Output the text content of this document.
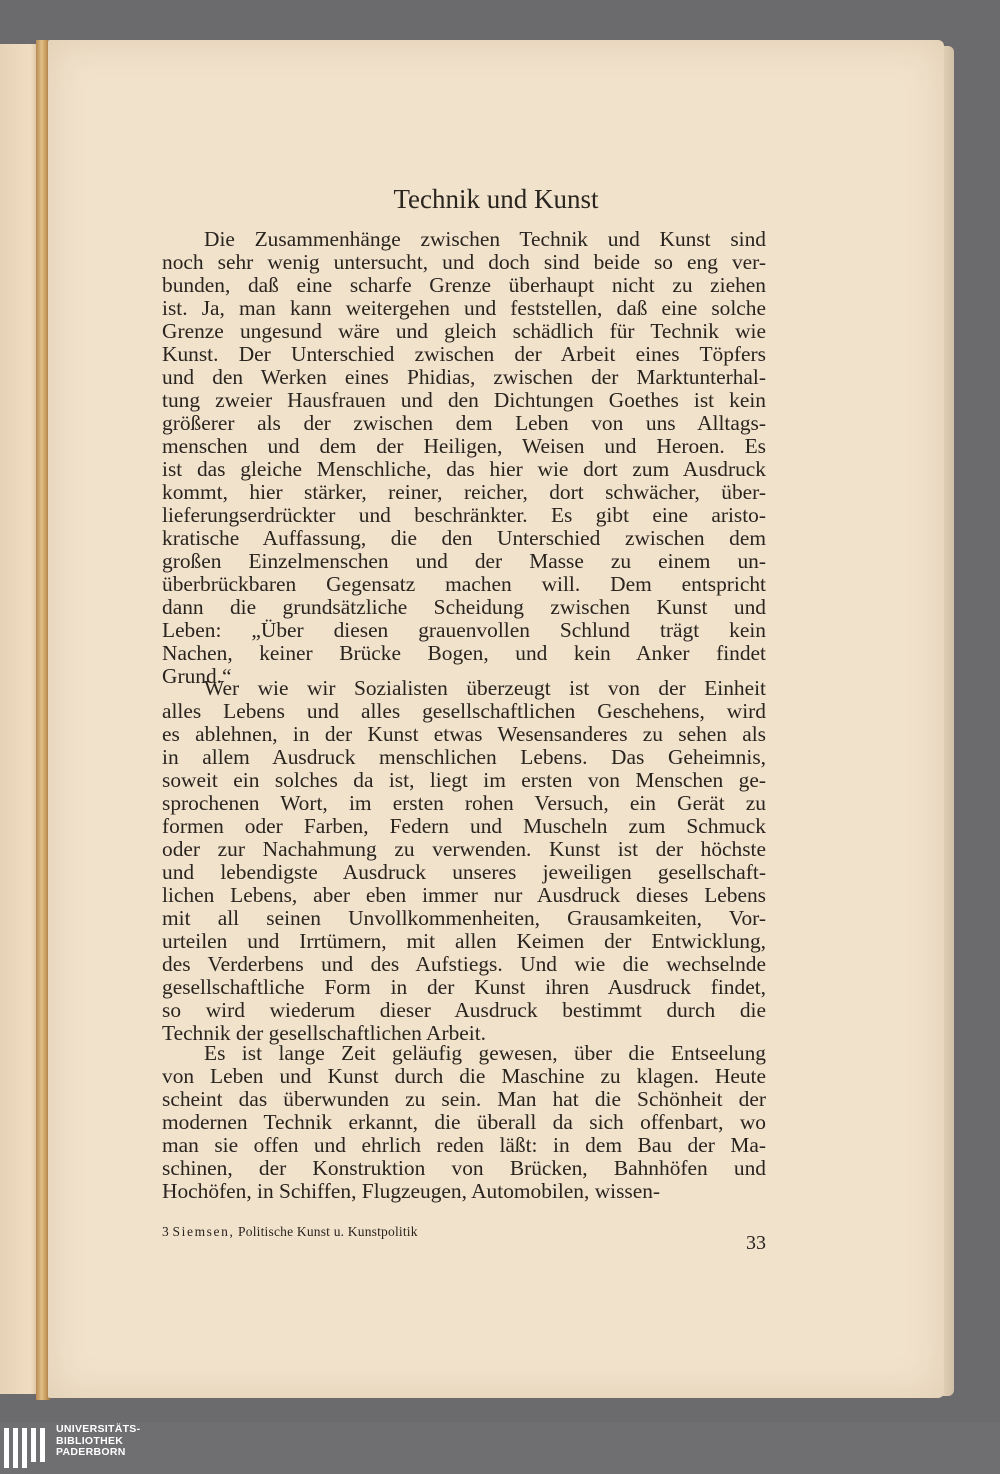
Technik und Kunst
Die Zusammenhänge zwischen Technik und Kunst sind
noch sehr wenig untersucht, und doch sind beide so eng ver-
bunden, daß eine scharfe Grenze überhaupt nicht zu ziehen
ist. Ja, man kann weitergehen und feststellen, daß eine solche
Grenze ungesund wäre und gleich schädlich für Technik wie
Kunst. Der Unterschied zwischen der Arbeit eines Töpfers
und den Werken eines Phidias, zwischen der Marktunterhal-
tung zweier Hausfrauen und den Dichtungen Goethes ist kein
größerer als der zwischen dem Leben von uns Alltags-
menschen und dem der Heiligen, Weisen und Heroen. Es
ist das gleiche Menschliche, das hier wie dort zum Ausdruck
kommt, hier stärker, reiner, reicher, dort schwächer, über-
lieferungserdrückter und beschränkter. Es gibt eine aristo-
kratische Auffassung, die den Unterschied zwischen dem
großen Einzelmenschen und der Masse zu einem un-
überbrückbaren Gegensatz machen will. Dem entspricht
dann die grundsätzliche Scheidung zwischen Kunst und
Leben: „Über diesen grauenvollen Schlund trägt kein
Nachen, keiner Brücke Bogen, und kein Anker findet
Grund.“
Wer wie wir Sozialisten überzeugt ist von der Einheit
alles Lebens und alles gesellschaftlichen Geschehens, wird
es ablehnen, in der Kunst etwas Wesensanderes zu sehen als
in allem Ausdruck menschlichen Lebens. Das Geheimnis,
soweit ein solches da ist, liegt im ersten von Menschen ge-
sprochenen Wort, im ersten rohen Versuch, ein Gerät zu
formen oder Farben, Federn und Muscheln zum Schmuck
oder zur Nachahmung zu verwenden. Kunst ist der höchste
und lebendigste Ausdruck unseres jeweiligen gesellschaft-
lichen Lebens, aber eben immer nur Ausdruck dieses Lebens
mit all seinen Unvollkommenheiten, Grausamkeiten, Vor-
urteilen und Irrtümern, mit allen Keimen der Entwicklung,
des Verderbens und des Aufstiegs. Und wie die wechselnde
gesellschaftliche Form in der Kunst ihren Ausdruck findet,
so wird wiederum dieser Ausdruck bestimmt durch die
Technik der gesellschaftlichen Arbeit.
Es ist lange Zeit geläufig gewesen, über die Entseelung
von Leben und Kunst durch die Maschine zu klagen. Heute
scheint das überwunden zu sein. Man hat die Schönheit der
modernen Technik erkannt, die überall da sich offenbart, wo
man sie offen und ehrlich reden läßt: in dem Bau der Ma-
schinen, der Konstruktion von Brücken, Bahnhöfen und
Hochöfen, in Schiffen, Flugzeugen, Automobilen, wissen-
3 Siemsen, Politische Kunst u. Kunstpolitik
33

UNIVERSITÄTS-
BIBLIOTHEK
PADERBORN
